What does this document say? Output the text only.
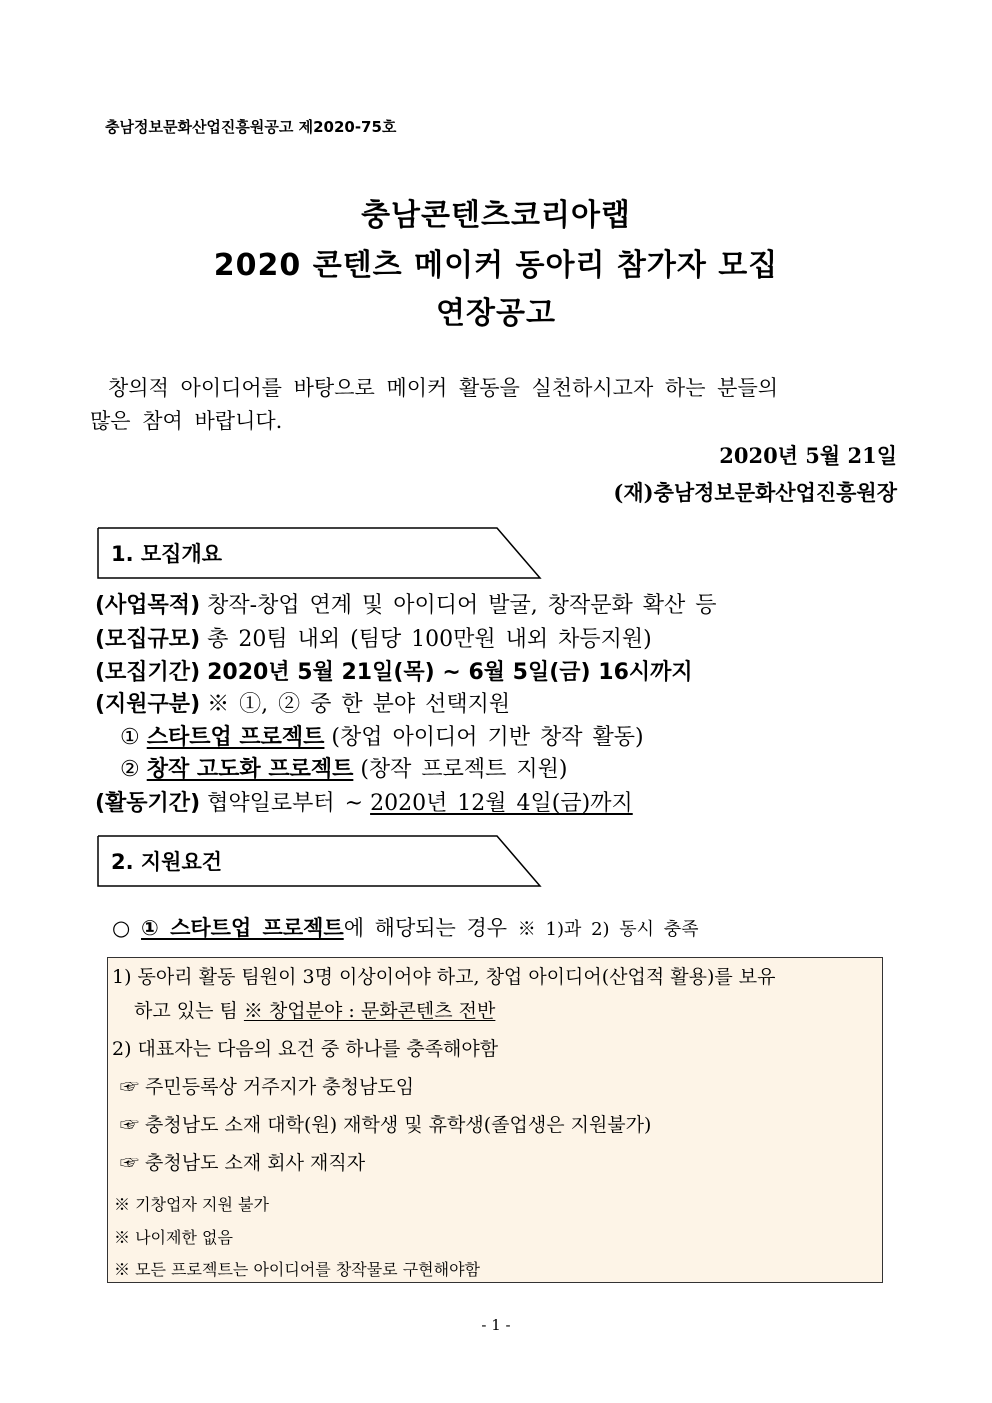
충남정보문화산업진흥원공고 제2020-75호
충남콘텐츠코리아랩
2020 콘텐츠 메이커 동아리 참가자 모집
연장공고
창의적 아이디어를 바탕으로 메이커 활동을 실천하시고자 하는 분들의
많은 참여 바랍니다.
2020년 5월 21일
(재)충남정보문화산업진흥원장
1. 모집개요
(사업목적) 창작-창업 연계 및 아이디어 발굴, 창작문화 확산 등
(모집규모) 총 20팀 내외 (팀당 100만원 내외 차등지원)
(모집기간) 2020년 5월 21일(목) ~ 6월 5일(금) 16시까지
(지원구분) ※ ①, ② 중 한 분야 선택지원
① 스타트업 프로젝트 (창업 아이디어 기반 창작 활동)
② 창작 고도화 프로젝트 (창작 프로젝트 지원)
(활동기간) 협약일로부터 ~ 2020년 12월 4일(금)까지
2. 지원요건
○ ① 스타트업 프로젝트에 해당되는 경우 ※ 1)과 2) 동시 충족
1) 동아리 활동 팀원이 3명 이상이어야 하고, 창업 아이디어(산업적 활용)를 보유
하고 있는 팀 ※ 창업분야 : 문화콘텐츠 전반
2) 대표자는 다음의 요건 중 하나를 충족해야함
☞ 주민등록상 거주지가 충청남도임
☞ 충청남도 소재 대학(원) 재학생 및 휴학생(졸업생은 지원불가)
☞ 충청남도 소재 회사 재직자
※ 기창업자 지원 불가
※ 나이제한 없음
※ 모든 프로젝트는 아이디어를 창작물로 구현해야함
- 1 -
